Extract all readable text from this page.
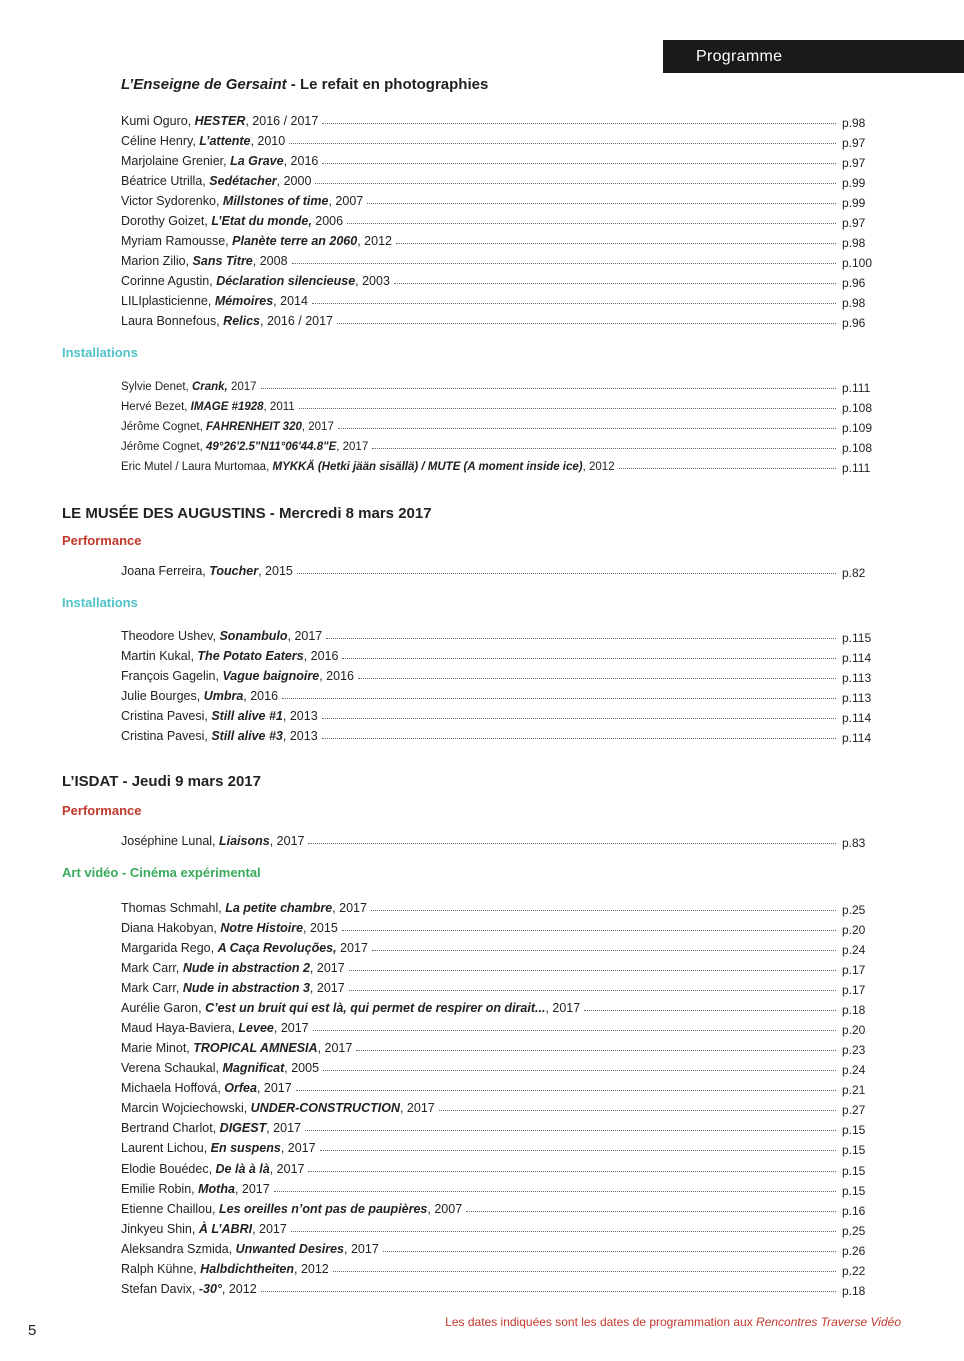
Programme
L’Enseigne de Gersaint - Le refait en photographies
Kumi Oguro, HESTER, 2016 / 2017	p.98
Céline Henry, L’attente, 2010	p.97
Marjolaine Grenier, La Grave, 2016	p.97
Béatrice Utrilla, Sedétacher, 2000	p.99
Victor Sydorenko, Millstones of time, 2007	p.99
Dorothy Goizet, L’Etat du monde, 2006	p.97
Myriam Ramousse, Planète terre an 2060, 2012	p.98
Marion Zilio, Sans Titre, 2008	p.100
Corinne Agustin, Déclaration silencieuse, 2003	p.96
LILIplasticienne, Mémoires, 2014	p.98
Laura Bonnefous, Relics, 2016 / 2017	p.96
Installations
Sylvie Denet, Crank, 2017	p.111
Hervé Bezet, IMAGE #1928, 2011	p.108
Jérôme Cognet, FAHRENHEIT 320, 2017	p.109
Jérôme Cognet, 49°26'2.5"N11°06'44.8"E, 2017	p.108
Eric Mutel / Laura Murtomaa, MYKKÄ (Hetki jään sisällä) / MUTE (A moment inside ice), 2012	p.111
LE MUSÉE DES AUGUSTINS - Mercredi 8 mars 2017
Performance
Joana Ferreira, Toucher, 2015	p.82
Installations
Theodore Ushev, Sonambulo, 2017	p.115
Martin Kukal, The Potato Eaters, 2016	p.114
François Gagelin, Vague baignoire, 2016	p.113
Julie Bourges, Umbra, 2016	p.113
Cristina Pavesi, Still alive #1, 2013	p.114
Cristina Pavesi, Still alive #3, 2013	p.114
L’ISDAT - Jeudi 9 mars 2017
Performance
Joséphine Lunal, Liaisons, 2017	p.83
Art vidéo - Cinéma expérimental
Thomas Schmahl, La petite chambre, 2017	p.25
Diana Hakobyan, Notre Histoire, 2015	p.20
Margarida Rego, A Caça Revoluções, 2017	p.24
Mark Carr, Nude in abstraction 2, 2017	p.17
Mark Carr, Nude in abstraction 3, 2017	p.17
Aurélie Garon, C’est un bruit qui est là, qui permet de respirer on dirait..., 2017	p.18
Maud Haya-Baviera, Levee, 2017	p.20
Marie Minot, TROPICAL AMNESIA, 2017	p.23
Verena Schaukal, Magnificat, 2005	p.24
Michaela Hoffová, Orfea, 2017	p.21
Marcin Wojciechowski, UNDER-CONSTRUCTION, 2017	p.27
Bertrand Charlot, DIGEST, 2017	p.15
Laurent Lichou, En suspens, 2017	p.15
Elodie Bouédec, De là à là, 2017	p.15
Emilie Robin, Motha, 2017	p.15
Etienne Chaillou, Les oreilles n’ont pas de paupières, 2007	p.16
Jinkyeu Shin, À L’ABRI, 2017	p.25
Aleksandra Szmida, Unwanted Desires, 2017	p.26
Ralph Kühne, Halbdichtheiten, 2012	p.22
Stefan Davix, -30°, 2012	p.18
Les dates indiquées sont les dates de programmation aux Rencontres Traverse Vidéo
5
